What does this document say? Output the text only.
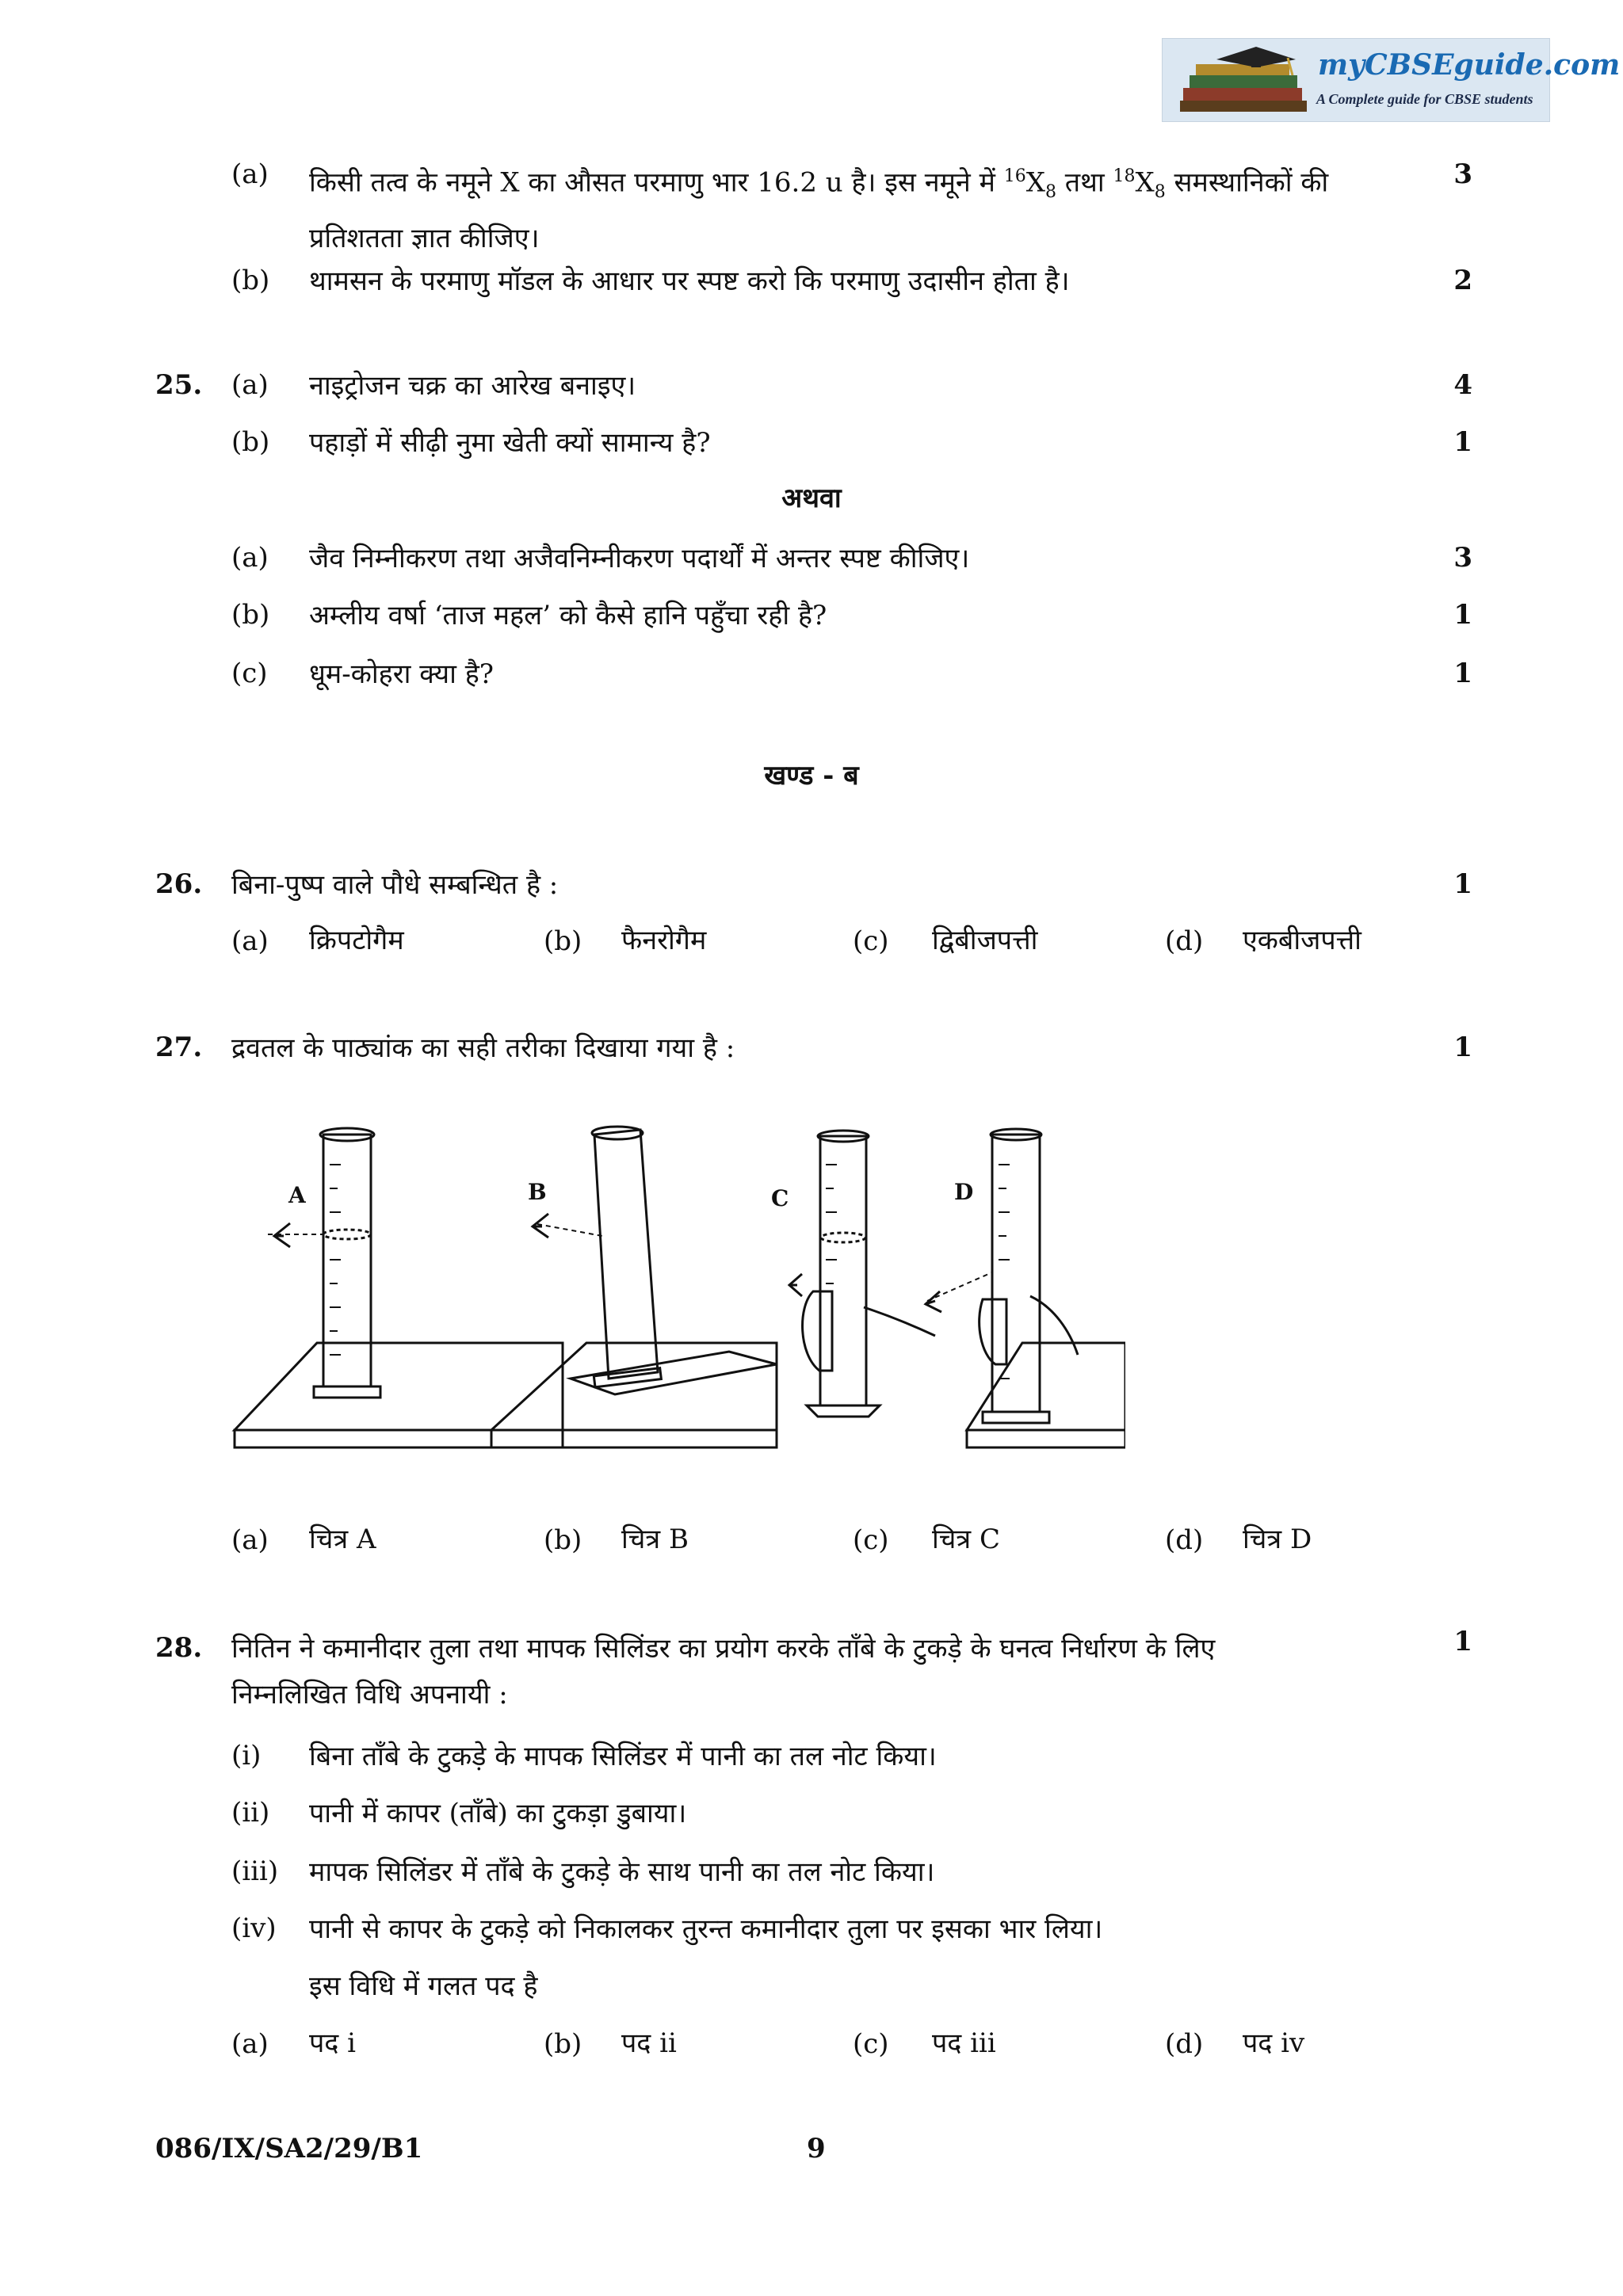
myCBSEguide.com
A Complete guide for CBSE students
(a) किसी तत्व के नमूने X का औसत परमाणु भार 16.2 u है। इस नमूने में $^{16}X_8$ तथा $^{18}X_8$ समस्थानिकों की
प्रतिशतता ज्ञात कीजिए।
3
(b) थामसन के परमाणु मॉडल के आधार पर स्पष्ट करो कि परमाणु उदासीन होता है।	2
25. (a) नाइट्रोजन चक्र का आरेख बनाइए।	4
(b) पहाड़ों में सीढ़ी नुमा खेती क्यों सामान्य है?	1
अथवा
(a) जैव निम्नीकरण तथा अजैवनिम्नीकरण पदार्थों में अन्तर स्पष्ट कीजिए।	3
(b) अम्लीय वर्षा ‘ताज महल’ को कैसे हानि पहुँचा रही है?	1
(c) धूम-कोहरा क्या है?	1
खण्ड - ब
26. बिना-पुष्प वाले पौधे सम्बन्धित है :	1
(a) क्रिपटोगैम	(b) फैनरोगैम	(c) द्विबीजपत्ती	(d) एकबीजपत्ती
27. द्रवतल के पाठ्यांक का सही तरीका दिखाया गया है :	1
A	B	C	D
(a) चित्र A	(b) चित्र B	(c) चित्र C	(d) चित्र D
28. नितिन ने कमानीदार तुला तथा मापक सिलिंडर का प्रयोग करके ताँबे के टुकड़े के घनत्व निर्धारण के लिए
निम्नलिखित विधि अपनायी :
1
(i) बिना ताँबे के टुकड़े के मापक सिलिंडर में पानी का तल नोट किया।
(ii) पानी में कापर (ताँबे) का टुकड़ा डुबाया।
(iii) मापक सिलिंडर में ताँबे के टुकड़े के साथ पानी का तल नोट किया।
(iv) पानी से कापर के टुकड़े को निकालकर तुरन्त कमानीदार तुला पर इसका भार लिया।
इस विधि में गलत पद है
(a) पद i	(b) पद ii	(c) पद iii	(d) पद iv
086/IX/SA2/29/B1	9
